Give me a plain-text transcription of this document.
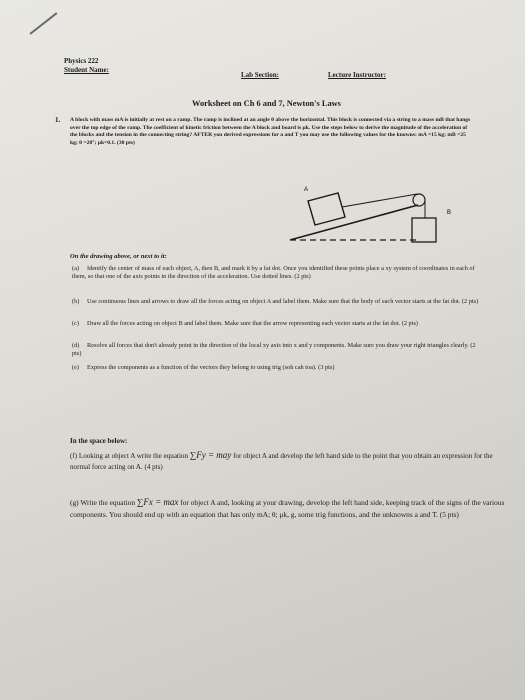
Physics 222
Student Name:
Lab Section:	Lecture Instructor:
Worksheet on Ch 6 and 7, Newton's Laws
1. A block with mass mA is initially at rest on a ramp. The ramp is inclined at an angle θ above the horizontal. This block is connected via a string to a mass mB that hangs over the top edge of the ramp. The coefficient of kinetic friction between the A block and board is μk. Use the steps below to derive the magnitude of the acceleration of the blocks and the tension in the connecting string? AFTER you derived expressions for a and T you may use the following values for the knowns: mA =15 kg; mB =25 kg; θ =20°; μk=0.1. (30 pts)
A
B
On the drawing above, or next to it:
(a) Identify the center of mass of each object, A, then B, and mark it by a fat dot. Once you identified these points place a xy system of coordinates in each of them, so that one of the axis points in the direction of the acceleration. Use dotted lines. (2 pts)
(b) Use continuous lines and arrows to draw all the forces acting on object A and label them. Make sure that the body of each vector starts at the fat dot. (2 pts)
(c) Draw all the forces acting on object B and label them. Make sure that the arrow representing each vector starts at the fat dot. (2 pts)
(d) Resolve all forces that don't already point in the direction of the local xy axis into x and y components. Make sure you draw your right triangles clearly. (2 pts)
(e) Express the components as a function of the vectors they belong to using trig (soh cah toa). (3 pts)
In the space below:
(f) Looking at object A write the equation ∑Fy = may for object A and develop the left hand side to the point that you obtain an expression for the normal force acting on A. (4 pts)
(g) Write the equation ∑Fx = max for object A and, looking at your drawing, develop the left hand side, keeping track of the signs of the various components. You should end up with an equation that has only mA; θ; μk, g, some trig functions, and the unknowns a and T. (5 pts)
